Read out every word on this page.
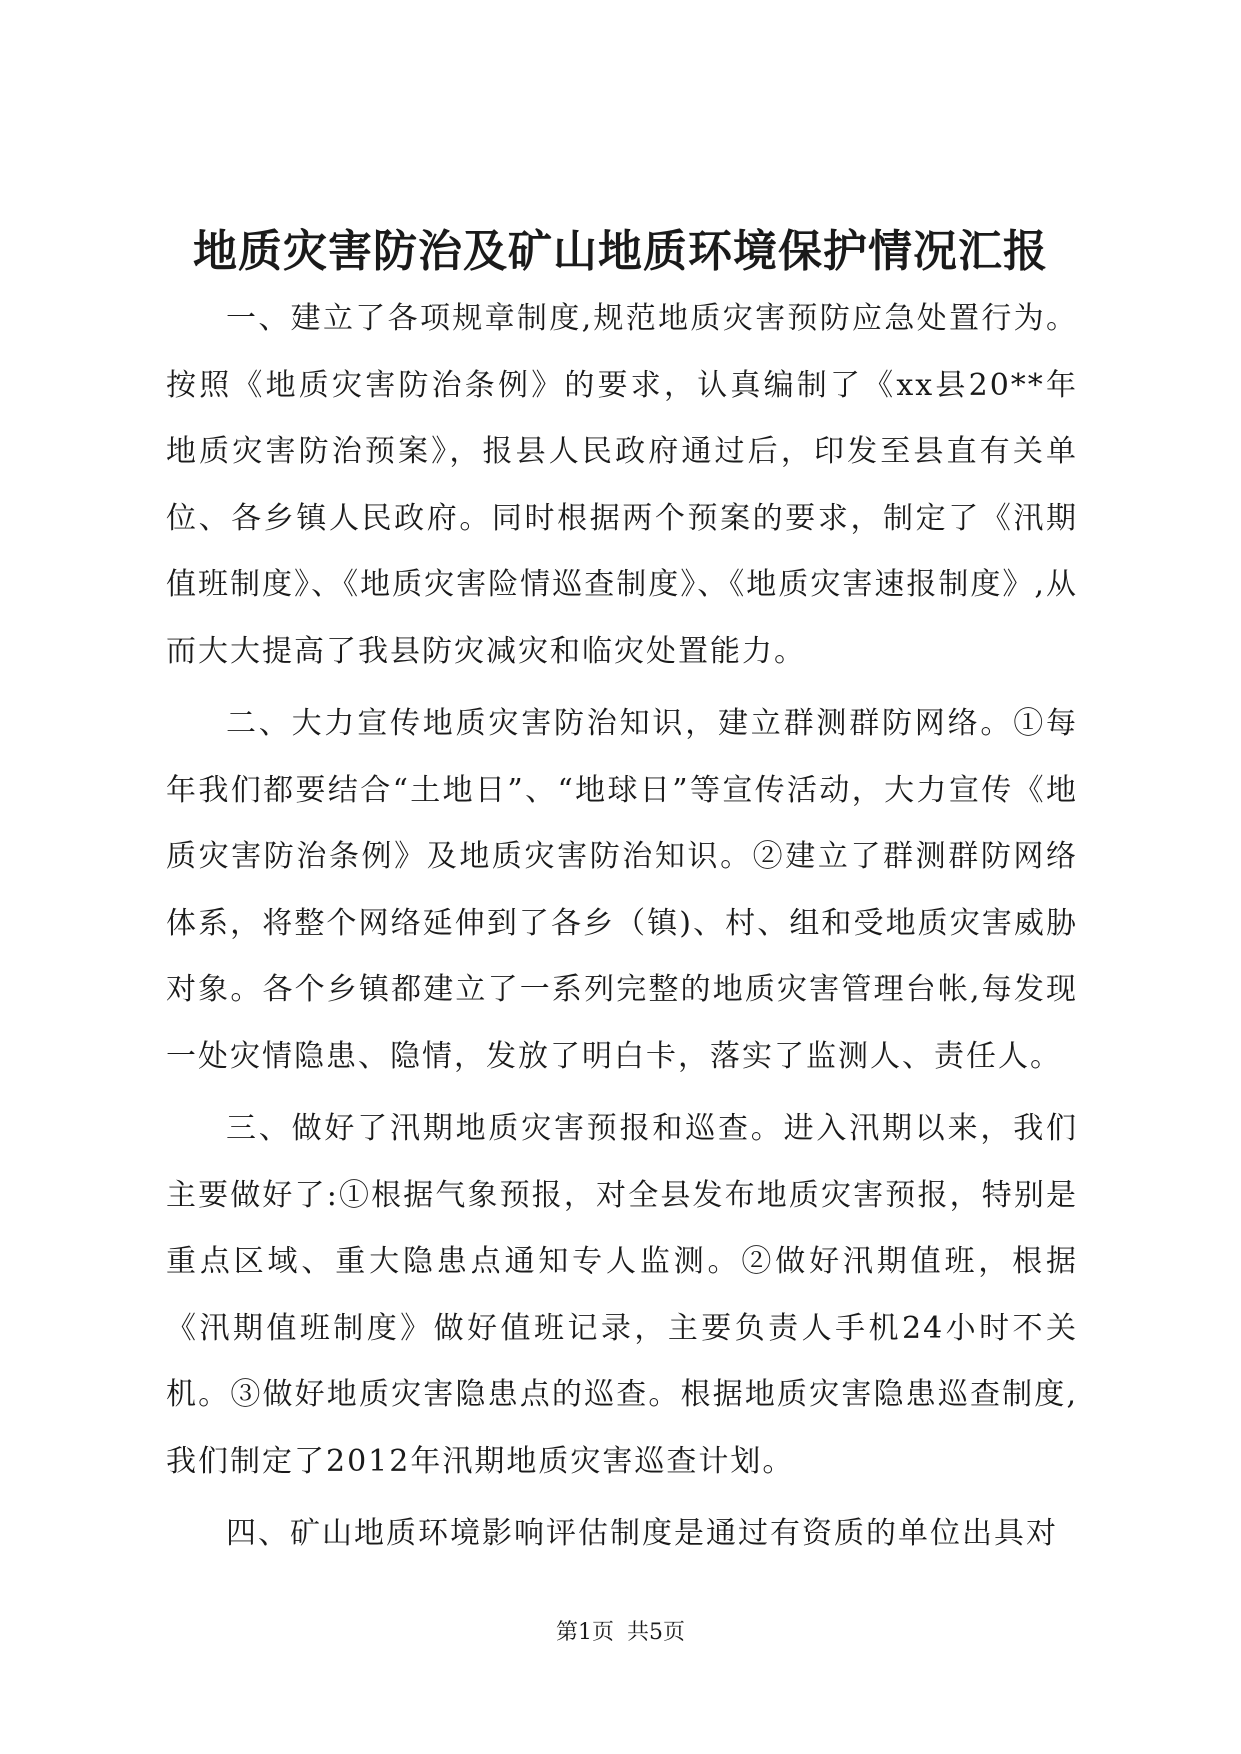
地质灾害防治及矿山地质环境保护情况汇报

一、建立了各项规章制度,规范地质灾害预防应急处置行为。按照《地质灾害防治条例》的要求，认真编制了《xx县20**年地质灾害防治预案》，报县人民政府通过后，印发至县直有关单位、各乡镇人民政府。同时根据两个预案的要求，制定了《汛期值班制度》、《地质灾害险情巡查制度》、《地质灾害速报制度》,从而大大提高了我县防灾减灾和临灾处置能力。

二、大力宣传地质灾害防治知识，建立群测群防网络。①每年我们都要结合“土地日”、“地球日”等宣传活动，大力宣传《地质灾害防治条例》及地质灾害防治知识。②建立了群测群防网络体系，将整个网络延伸到了各乡（镇)、村、组和受地质灾害威胁对象。各个乡镇都建立了一系列完整的地质灾害管理台帐,每发现一处灾情隐患、隐情，发放了明白卡，落实了监测人、责任人。

三、做好了汛期地质灾害预报和巡查。进入汛期以来，我们主要做好了:①根据气象预报，对全县发布地质灾害预报，特别是重点区域、重大隐患点通知专人监测。②做好汛期值班，根据《汛期值班制度》做好值班记录，主要负责人手机24小时不关机。③做好地质灾害隐患点的巡查。根据地质灾害隐患巡查制度,我们制定了2012年汛期地质灾害巡查计划。

四、矿山地质环境影响评估制度是通过有资质的单位出具对

第1页 共5页
